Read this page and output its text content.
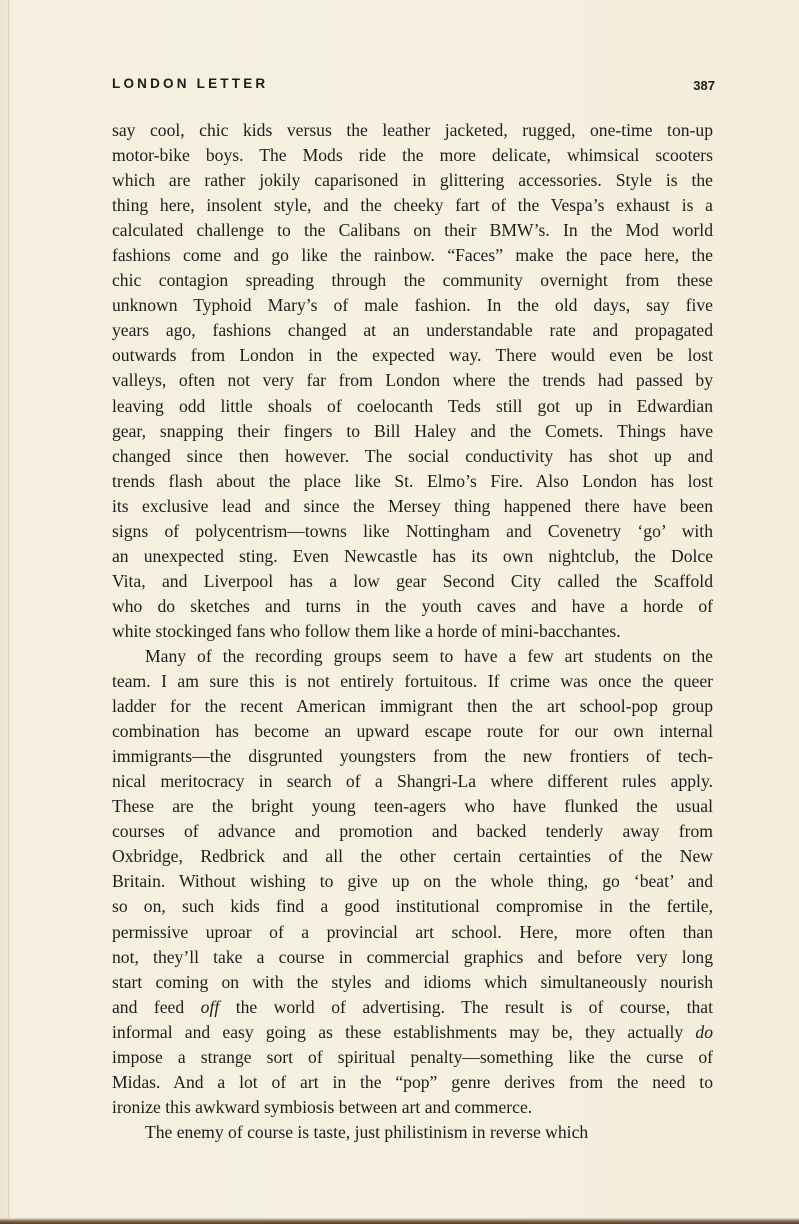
LONDON LETTER	387
say cool, chic kids versus the leather jacketed, rugged, one-time ton-up
motor-bike boys. The Mods ride the more delicate, whimsical scooters
which are rather jokily caparisoned in glittering accessories. Style is the
thing here, insolent style, and the cheeky fart of the Vespa’s exhaust is a
calculated challenge to the Calibans on their BMW’s. In the Mod world
fashions come and go like the rainbow. “Faces” make the pace here, the
chic contagion spreading through the community overnight from these
unknown Typhoid Mary’s of male fashion. In the old days, say five
years ago, fashions changed at an understandable rate and propagated
outwards from London in the expected way. There would even be lost
valleys, often not very far from London where the trends had passed by
leaving odd little shoals of coelocanth Teds still got up in Edwardian
gear, snapping their fingers to Bill Haley and the Comets. Things have
changed since then however. The social conductivity has shot up and
trends flash about the place like St. Elmo’s Fire. Also London has lost
its exclusive lead and since the Mersey thing happened there have been
signs of polycentrism—towns like Nottingham and Covenetry ‘go’ with
an unexpected sting. Even Newcastle has its own nightclub, the Dolce
Vita, and Liverpool has a low gear Second City called the Scaffold
who do sketches and turns in the youth caves and have a horde of
white stockinged fans who follow them like a horde of mini-bacchantes.
Many of the recording groups seem to have a few art students on the
team. I am sure this is not entirely fortuitous. If crime was once the queer
ladder for the recent American immigrant then the art school-pop group
combination has become an upward escape route for our own internal
immigrants—the disgrunted youngsters from the new frontiers of tech-
nical meritocracy in search of a Shangri-La where different rules apply.
These are the bright young teen-agers who have flunked the usual
courses of advance and promotion and backed tenderly away from
Oxbridge, Redbrick and all the other certain certainties of the New
Britain. Without wishing to give up on the whole thing, go ‘beat’ and
so on, such kids find a good institutional compromise in the fertile,
permissive uproar of a provincial art school. Here, more often than
not, they’ll take a course in commercial graphics and before very long
start coming on with the styles and idioms which simultaneously nourish
and feed off the world of advertising. The result is of course, that
informal and easy going as these establishments may be, they actually do
impose a strange sort of spiritual penalty—something like the curse of
Midas. And a lot of art in the “pop” genre derives from the need to
ironize this awkward symbiosis between art and commerce.
The enemy of course is taste, just philistinism in reverse which
